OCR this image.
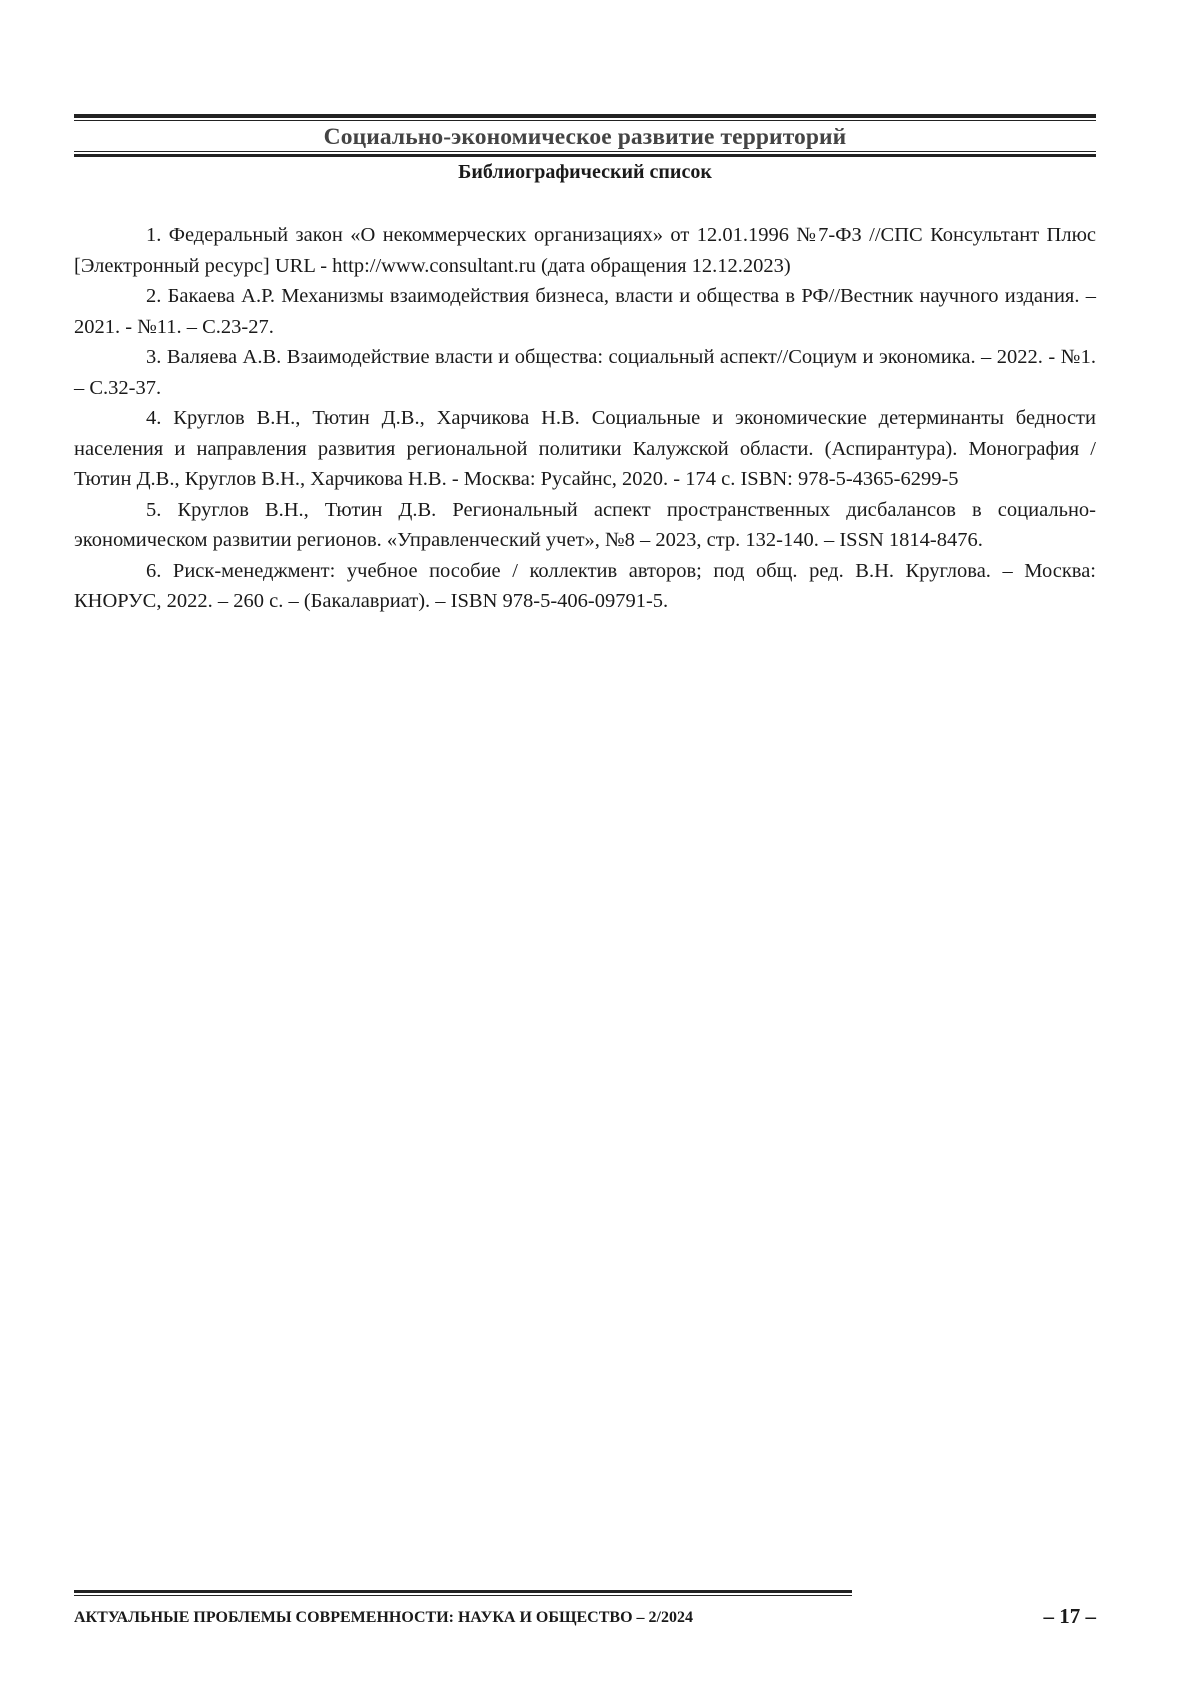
Социально-экономическое развитие территорий
Библиографический список

1. Федеральный закон «О некоммерческих организациях» от 12.01.1996 №7-ФЗ //СПС Консультант Плюс [Электронный ресурс] URL - http://www.consultant.ru (дата обращения 12.12.2023)

2. Бакаева А.Р. Механизмы взаимодействия бизнеса, власти и общества в РФ//Вестник научного издания. – 2021. - №11. – С.23-27.

3. Валяева А.В. Взаимодействие власти и общества: социальный аспект//Социум и экономика. – 2022. - №1. – С.32-37.

4. Круглов В.Н., Тютин Д.В., Харчикова Н.В. Социальные и экономические детерминанты бедности населения и направления развития региональной политики Калужской области. (Аспирантура). Монография / Тютин Д.В., Круглов В.Н., Харчикова Н.В. - Москва: Русайнс, 2020. - 174 с. ISBN: 978-5-4365-6299-5

5. Круглов В.Н., Тютин Д.В. Региональный аспект пространственных дисбалансов в социально-экономическом развитии регионов. «Управленческий учет», №8 – 2023, стр. 132-140. – ISSN 1814-8476.

6. Риск-менеджмент: учебное пособие / коллектив авторов; под общ. ред. В.Н. Круглова. – Москва: КНОРУС, 2022. – 260 с. – (Бакалавриат). – ISBN 978-5-406-09791-5.

АКТУАЛЬНЫЕ ПРОБЛЕМЫ СОВРЕМЕННОСТИ: НАУКА И ОБЩЕСТВО – 2/2024	– 17 –
